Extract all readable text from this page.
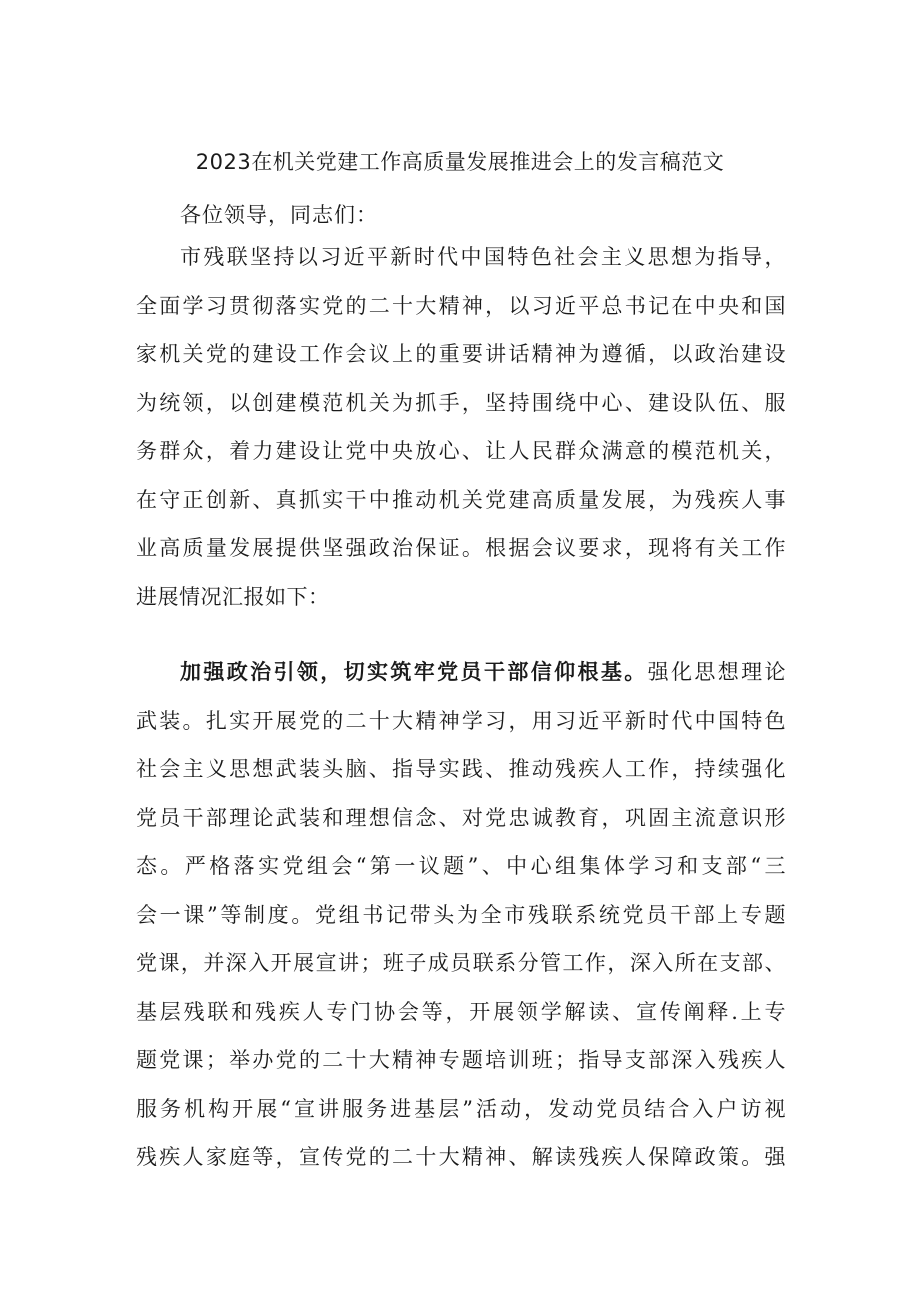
2023在机关党建工作高质量发展推进会上的发言稿范文
各位领导，同志们：
市残联坚持以习近平新时代中国特色社会主义思想为指导，
全面学习贯彻落实党的二十大精神，以习近平总书记在中央和国
家机关党的建设工作会议上的重要讲话精神为遵循，以政治建设
为统领，以创建模范机关为抓手，坚持围绕中心、建设队伍、服
务群众，着力建设让党中央放心、让人民群众满意的模范机关，
在守正创新、真抓实干中推动机关党建高质量发展，为残疾人事
业高质量发展提供坚强政治保证。根据会议要求，现将有关工作
进展情况汇报如下：
加强政治引领，切实筑牢党员干部信仰根基。强化思想理论
武装。扎实开展党的二十大精神学习，用习近平新时代中国特色
社会主义思想武装头脑、指导实践、推动残疾人工作，持续强化
党员干部理论武装和理想信念、对党忠诚教育，巩固主流意识形
态。严格落实党组会“第一议题”、中心组集体学习和支部“三
会一课”等制度。党组书记带头为全市残联系统党员干部上专题
党课，并深入开展宣讲；班子成员联系分管工作，深入所在支部、
基层残联和残疾人专门协会等，开展领学解读、宣传阐释.上专
题党课；举办党的二十大精神专题培训班；指导支部深入残疾人
服务机构开展“宣讲服务进基层”活动，发动党员结合入户访视
残疾人家庭等，宣传党的二十大精神、解读残疾人保障政策。强
